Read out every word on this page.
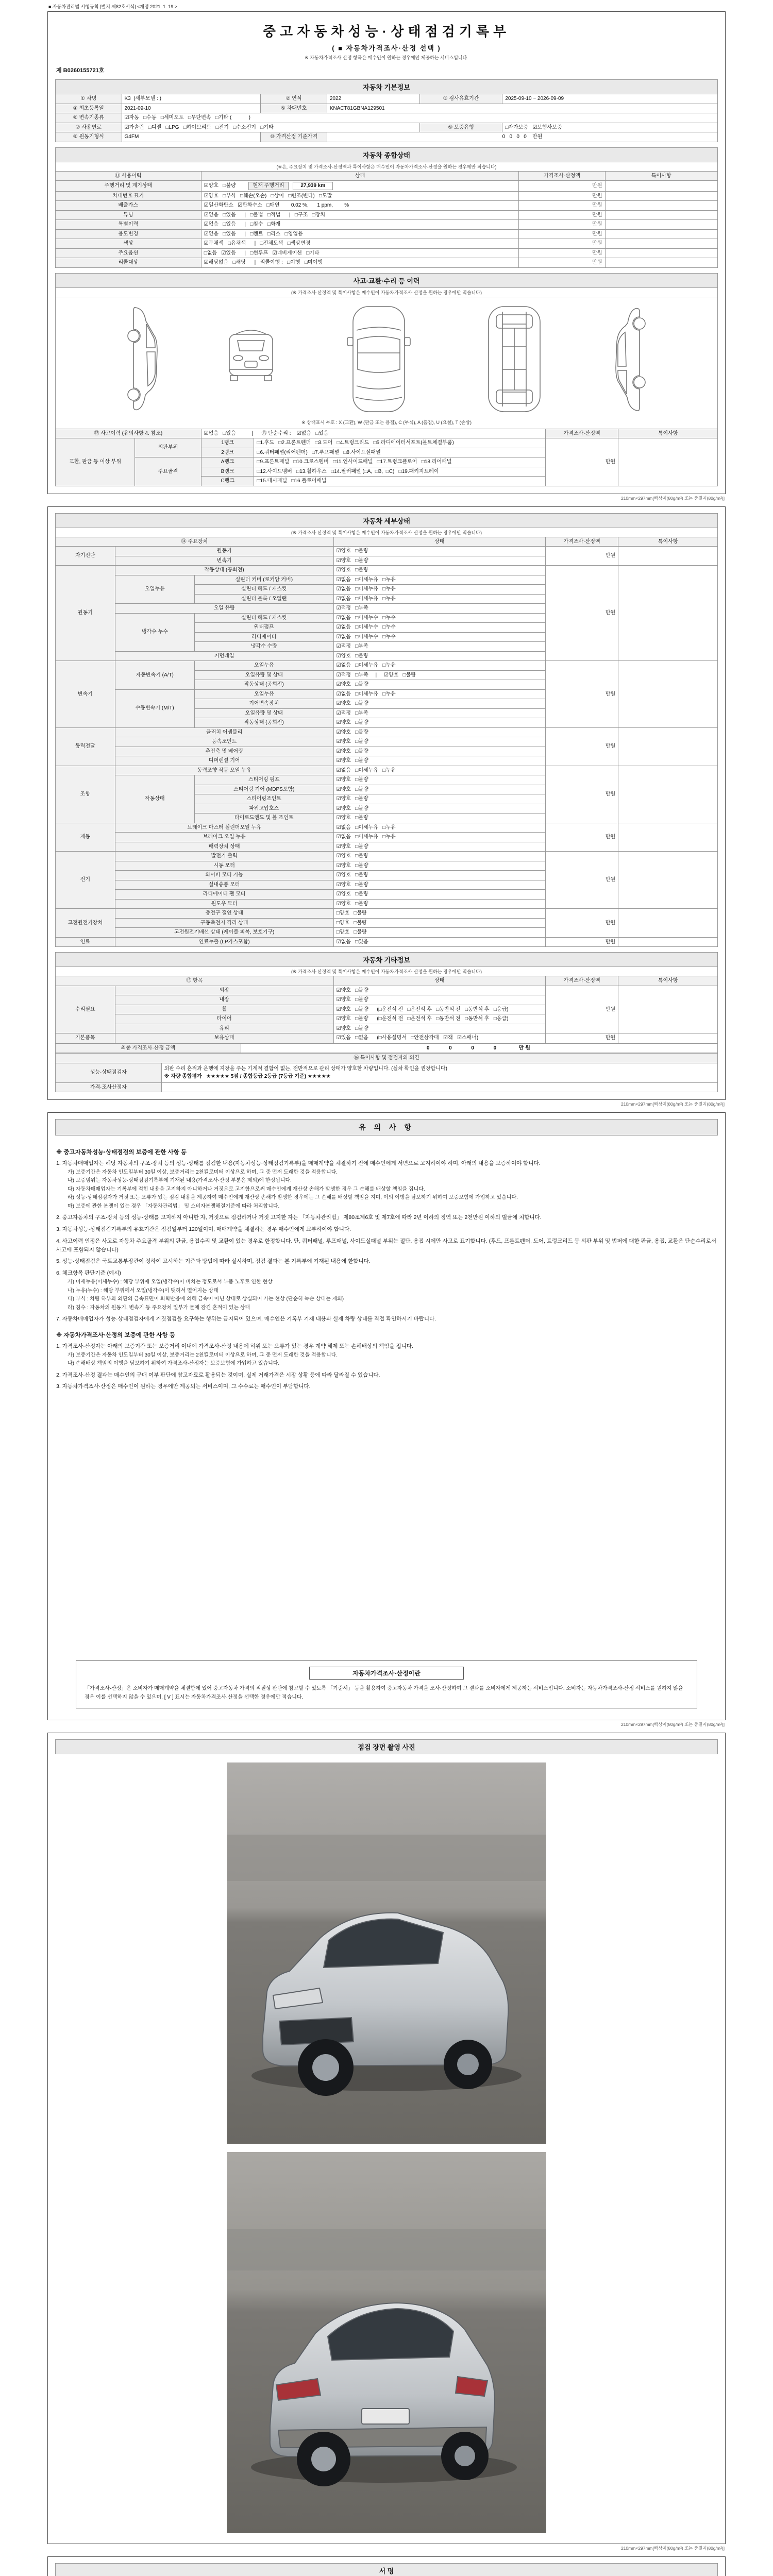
■ 자동차관리법 시행규칙 [별지 제82호서식] <개정 2021. 1. 19.>
중고자동차성능·상태점검기록부
( ■ 자동차가격조사·산정 선택 )
※ 자동차가격조사·산정 항목은 매수인이 원하는 경우에만 제공하는 서비스입니다.
제 B0260155721호
자동차 기본정보
① 차명	K3  (세부모델 : )	② 연식	2022	③ 검사유효기간	2025-09-10 ~ 2026-09-09
④ 최초등록일	2021-09-10	⑤ 차대번호	KNACT81GBNA129501		
⑥ 변속기종류	☑자동   □수동   □세미오토   □무단변속   □기타 (            )				
⑦ 사용연료	☑가솔린   □디젤   □LPG   □하이브리드   □전기   □수소전기   □기타			⑨ 보증유형	□자가보증   ☑보험사보증
⑧ 원동기형식	G4FM	⑩ 가격산정 기준가격	0   0   0   0    만원		
자동차 종합상태
(※은, 주요장치 및 가격조사·산정액과 특이사항은 매수인이 자동차가격조사·산정을 원하는 경우에만 적습니다)
⑪ 사용이력	상태	가격조사·산정액	특이사항
주행거리 및 계기상태	☑양호   □불량 현재 주행거리 27,939 km	만원	
차대번호 표기	☑양호   □부식   □훼손(오손)   □상이   □변조(변타)   □도말	만원	
배출가스	☑일산화탄소   ☑탄화수소   □매연        0.02 %,      1 ppm,        %	만원	
튜닝	☑없음   □있음      |   □불법   □적법      |   □구조   □장치	만원	
특별이력	☑없음   □있음      |   □침수   □화재	만원	
용도변경	☑없음   □있음      |   □렌트   □리스   □영업용	만원	
색상	☑무채색   □유채색      |   □전체도색   □색상변경	만원	
주요옵션	□없음   ☑있음      |   □썬루프   ☑네비게이션   □기타	만원	
리콜대상	☑해당없음   □해당      |   리콜이행 :   □이행   □미이행	만원	
사고·교환·수리 등 이력
(※ 가격조사·산정액 및 특이사항은 매수인이 자동차가격조사·산정을 원하는 경우에만 적습니다)
※ 상태표시 부호 : X (교환), W (판금 또는 용접), C (부식), A (흠집), U (요철), T (손상)
⑫ 사고이력 (유의사항 4. 참조)		☑없음   □있음           |      ⑬ 단순수리 :    ☑없음   □있음		가격조사·산정액	특이사항
교환, 판금 등 이상 부위	외판부위	1랭크	□1.후드   □2.프론트펜더   □3.도어   □4.트렁크리드   □5.라디에이터서포트(볼트체결부품)	만원	
		2랭크	□6.쿼터패널(리어펜더)   □7.루프패널   □8.사이드실패널		
	주요골격	A랭크	□9.프론트패널   □10.크로스멤버   □11.인사이드패널   □17.트렁크플로어   □18.리어패널		
		B랭크	□12.사이드멤버   □13.휠하우스   □14.필러패널 (□A,  □B,  □C)   □19.패키지트레이		
		C랭크	□15.대시패널   □16.플로어패널		
210mm×297mm[백상지(80g/m²) 또는 중질지(80g/m²)]
자동차 세부상태
(※ 가격조사·산정액 및 특이사항은 매수인이 자동차가격조사·산정을 원하는 경우에만 적습니다)
⑭ 주요장치			상태	가격조사·산정액	특이사항
자기진단	원동기		☑양호   □불량	만원	
	변속기		☑양호   □불량		
원동기	작동상태 (공회전)		☑양호   □불량	만원	
	오일누유	실린더 커버 (로커암 커버)	☑없음   □미세누유   □누유		
		실린더 헤드 / 개스킷	☑없음   □미세누유   □누유		
		실린더 블록 / 오일팬	☑없음   □미세누유   □누유		
	오일 유량		☑적정   □부족		
	냉각수 누수	실린더 헤드 / 개스킷	☑없음   □미세누수   □누수		
		워터펌프	☑없음   □미세누수   □누수		
		라디에이터	☑없음   □미세누수   □누수		
		냉각수 수량	☑적정   □부족		
	커먼레일		☑양호   □불량		
변속기	자동변속기 (A/T)	오일누유	☑없음   □미세누유   □누유	만원	
		오일유량 및 상태	☑적정   □부족     |     ☑양호   □불량		
		작동상태 (공회전)	☑양호   □불량		
	수동변속기 (M/T)	오일누유	☑없음   □미세누유   □누유		
		기어변속장치	☑양호   □불량		
		오일유량 및 상태	☑적정   □부족		
		작동상태 (공회전)	☑양호   □불량		
동력전달	클러치 어셈블리		☑양호   □불량	만원	
	등속조인트		☑양호   □불량		
	추진축 및 베어링		☑양호   □불량		
	디퍼렌셜 기어		☑양호   □불량		
조향	동력조향 작동 오일 누유		☑없음   □미세누유   □누유	만원	
	작동상태	스티어링 펌프	☑양호   □불량		
		스티어링 기어 (MDPS포함)	☑양호   □불량		
		스티어링조인트	☑양호   □불량		
		파워고압호스	☑양호   □불량		
		타이로드엔드 및 볼 조인트	☑양호   □불량		
제동	브레이크 마스터 실린더오일 누유		☑없음   □미세누유   □누유	만원	
	브레이크 오일 누유		☑없음   □미세누유   □누유		
	배력장치 상태		☑양호   □불량		
전기	발전기 출력		☑양호   □불량	만원	
	시동 모터		☑양호   □불량		
	와이퍼 모터 기능		☑양호   □불량		
	실내송풍 모터		☑양호   □불량		
	라디에이터 팬 모터		☑양호   □불량		
	윈도우 모터		☑양호   □불량		
고전원전기장치	충전구 절연 상태		□양호   □불량	만원	
	구동축전지 격리 상태		□양호   □불량		
	고전원전기배선 상태 (케이블 피복, 보호기구)		□양호   □불량		
연료	연료누출 (LP가스포함)		☑없음   □있음	만원	
자동차 기타정보
(※ 가격조사·산정액 및 특이사항은 매수인이 자동차가격조사·산정을 원하는 경우에만 적습니다)
⑮ 항목		상태	가격조사·산정액	특이사항
수리필요	외장	☑양호   □불량	만원	
	내장	☑양호   □불량		
	휠	☑양호   □불량      (□운전석 전   □운전석 후   □동반석 전   □동반석 후   □응급)		
	타이어	☑양호   □불량      (□운전석 전   □운전석 후   □동반석 전   □동반석 후   □응급)		
	유리	☑양호   □불량		
기본품목	보유상태	☑있음   □없음      (□사용설명서   □안전삼각대   ☑잭   ☑스패너)	만원	
최종 가격조사·산정 금액	0      0      0      0       만원
⑯ 특이사항 및 점검자의 의견	
성능·상태점검자	외판 수리 흔적과 운행에 지장을 주는 기계적 결함이 없는, 전반적으로 관리 상태가 양호한 차량입니다. (실차 확인을 권장합니다)
※ 차량 종합평가   ★★★★★ 5점 / 종합등급 2등급 (7등급 기준) ★★★★★

가격·조사산정자	
210mm×297mm[백상지(80g/m²) 또는 중질지(80g/m²)]
유 의 사 항
※ 중고자동차성능·상태점검의 보증에 관한 사항 등
1. 자동차매매업자는 해당 자동차의 구조·장치 등의 성능·상태를 점검한 내용(자동차성능·상태점검기록부)을 매매계약을 체결하기 전에 매수인에게 서면으로 고지하여야 하며, 아래의 내용을 보증하여야 합니다.
가) 보증기간은 자동차 인도일부터 30일 이상, 보증거리는 2천킬로미터 이상으로 하며, 그 중 먼저 도래한 것을 적용합니다.
나) 보증범위는 자동차성능·상태점검기록부에 기재된 내용(가격조사·산정 부분은 제외)에 한정됩니다.
다) 자동차매매업자는 기록부에 적힌 내용을 고지하지 아니하거나 거짓으로 고지함으로써 매수인에게 재산상 손해가 발생한 경우 그 손해를 배상할 책임을 집니다.
라) 성능·상태점검자가 거짓 또는 오류가 있는 점검 내용을 제공하여 매수인에게 재산상 손해가 발생한 경우에는 그 손해를 배상할 책임을 지며, 이의 이행을 담보하기 위하여 보증보험에 가입하고 있습니다.
마) 보증에 관한 분쟁이 있는 경우 「자동차관리법」 및 소비자분쟁해결기준에 따라 처리합니다.
2. 중고자동차의 구조·장치 등의 성능·상태를 고지하지 아니한 자, 거짓으로 점검하거나 거짓 고지한 자는 「자동차관리법」 제80조제6호 및 제7호에 따라 2년 이하의 징역 또는 2천만원 이하의 벌금에 처합니다.
3. 자동차성능·상태점검기록부의 유효기간은 점검일부터 120일이며, 매매계약을 체결하는 경우 매수인에게 교부하여야 합니다.
4. 사고이력 인정은 사고로 자동차 주요골격 부위의 판금, 용접수리 및 교환이 있는 경우로 한정합니다. 단, 쿼터패널, 루프패널, 사이드실패널 부위는 절단, 용접 시에만 사고로 표기합니다. (후드, 프론트펜더, 도어, 트렁크리드 등 외판 부위 및 범퍼에 대한 판금, 용접, 교환은 단순수리로서 사고에 포함되지 않습니다)
5. 성능·상태점검은 국토교통부장관이 정하여 고시하는 기준과 방법에 따라 실시하며, 점검 결과는 본 기록부에 기재된 내용에 한합니다.
6. 체크항목 판단기준 (예시)
가) 미세누유(미세누수) : 해당 부위에 오일(냉각수)이 비치는 정도로서 부품 노후로 인한 현상
나) 누유(누수) : 해당 부위에서 오일(냉각수)이 맺혀서 떨어지는 상태
다) 부식 : 차량 하부와 외판의 금속표면이 화학반응에 의해 금속이 아닌 상태로 상실되어 가는 현상 (단순히 녹슨 상태는 제외)
라) 침수 : 자동차의 원동기, 변속기 등 주요장치 일부가 물에 잠긴 흔적이 있는 상태
7. 자동차매매업자가 성능·상태점검자에게 거짓점검을 요구하는 행위는 금지되어 있으며, 매수인은 기록부 기재 내용과 실제 차량 상태를 직접 확인하시기 바랍니다.
※ 자동차가격조사·산정의 보증에 관한 사항 등
1. 가격조사·산정자는 아래의 보증기간 또는 보증거리 이내에 가격조사·산정 내용에 허위 또는 오류가 있는 경우 계약 해제 또는 손해배상의 책임을 집니다.
가) 보증기간은 자동차 인도일부터 30일 이상, 보증거리는 2천킬로미터 이상으로 하며, 그 중 먼저 도래한 것을 적용합니다.
나) 손해배상 책임의 이행을 담보하기 위하여 가격조사·산정자는 보증보험에 가입하고 있습니다.
2. 가격조사·산정 결과는 매수인의 구매 여부 판단에 참고자료로 활용되는 것이며, 실제 거래가격은 시장 상황 등에 따라 달라질 수 있습니다.
3. 자동차가격조사·산정은 매수인이 원하는 경우에만 제공되는 서비스이며, 그 수수료는 매수인이 부담합니다.
자동차가격조사·산정이란
「가격조사·산정」은 소비자가 매매계약을 체결함에 있어 중고자동차 가격의 적절성 판단에 참고할 수 있도록 「기준서」 등을 활용하여 중고자동차 가격을 조사·산정하여 그 결과를 소비자에게 제공하는 서비스입니다. 소비자는 자동차가격조사·산정 서비스를 원하지 않을 경우 이를 선택하지 않을 수 있으며, [ V ] 표시는 자동차가격조사·산정을 선택한 경우에만 적습니다.
210mm×297mm[백상지(80g/m²) 또는 중질지(80g/m²)]
점검 장면 촬영 사진
210mm×297mm[백상지(80g/m²) 또는 중질지(80g/m²)]
서 명
